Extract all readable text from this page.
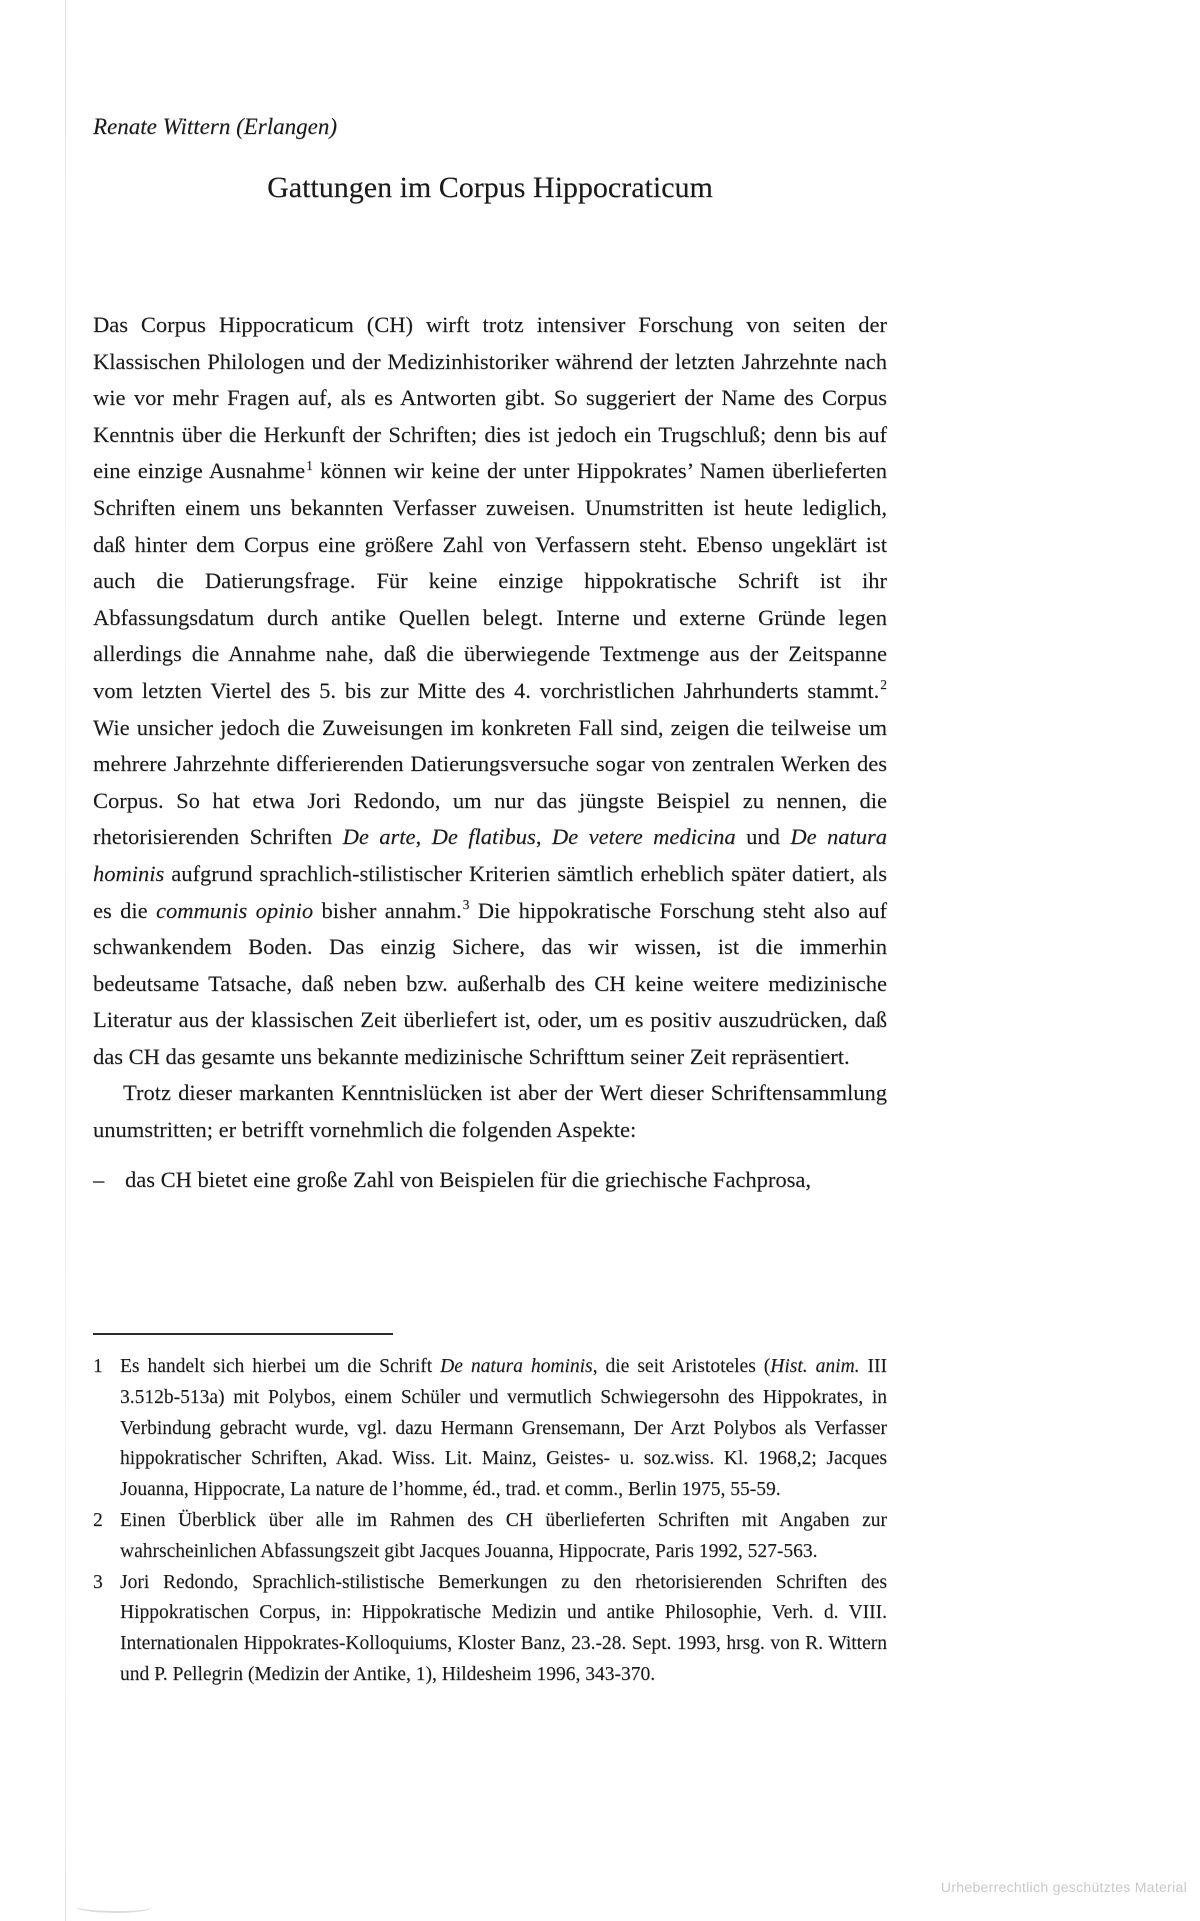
Renate Wittern (Erlangen)

Gattungen im Corpus Hippocraticum

Das Corpus Hippocraticum (CH) wirft trotz intensiver Forschung von seiten der Klassischen Philologen und der Medizinhistoriker während der letzten Jahrzehnte nach wie vor mehr Fragen auf, als es Antworten gibt. So suggeriert der Name des Corpus Kenntnis über die Herkunft der Schriften; dies ist jedoch ein Trugschluß; denn bis auf eine einzige Ausnahme$^1$ können wir keine der unter Hippokrates’ Namen überlieferten Schriften einem uns bekannten Verfasser zuweisen. Unumstritten ist heute lediglich, daß hinter dem Corpus eine größere Zahl von Verfassern steht. Ebenso ungeklärt ist auch die Datierungsfrage. Für keine einzige hippokratische Schrift ist ihr Abfassungsdatum durch antike Quellen belegt. Interne und externe Gründe legen allerdings die Annahme nahe, daß die überwiegende Textmenge aus der Zeitspanne vom letzten Viertel des 5. bis zur Mitte des 4. vorchristlichen Jahrhunderts stammt.$^2$ Wie unsicher jedoch die Zuweisungen im konkreten Fall sind, zeigen die teilweise um mehrere Jahrzehnte differierenden Datierungsversuche sogar von zentralen Werken des Corpus. So hat etwa Jori Redondo, um nur das jüngste Beispiel zu nennen, die rhetorisierenden Schriften De arte, De flatibus, De vetere medicina und De natura hominis aufgrund sprachlich-stilistischer Kriterien sämtlich erheblich später datiert, als es die communis opinio bisher annahm.$^3$ Die hippokratische Forschung steht also auf schwankendem Boden. Das einzig Sichere, das wir wissen, ist die immerhin bedeutsame Tatsache, daß neben bzw. außerhalb des CH keine weitere medizinische Literatur aus der klassischen Zeit überliefert ist, oder, um es positiv auszudrücken, daß das CH das gesamte uns bekannte medizinische Schrifttum seiner Zeit repräsentiert.

Trotz dieser markanten Kenntnislücken ist aber der Wert dieser Schriftensammlung unumstritten; er betrifft vornehmlich die folgenden Aspekte:

– das CH bietet eine große Zahl von Beispielen für die griechische Fachprosa,
1 Es handelt sich hierbei um die Schrift De natura hominis, die seit Aristoteles (Hist. anim. III 3.512b-513a) mit Polybos, einem Schüler und vermutlich Schwiegersohn des Hippokrates, in Verbindung gebracht wurde, vgl. dazu Hermann Grensemann, Der Arzt Polybos als Verfasser hippokratischer Schriften, Akad. Wiss. Lit. Mainz, Geistes- u. soz.wiss. Kl. 1968,2; Jacques Jouanna, Hippocrate, La nature de l’homme, éd., trad. et comm., Berlin 1975, 55-59.
2 Einen Überblick über alle im Rahmen des CH überlieferten Schriften mit Angaben zur wahrscheinlichen Abfassungszeit gibt Jacques Jouanna, Hippocrate, Paris 1992, 527-563.
3 Jori Redondo, Sprachlich-stilistische Bemerkungen zu den rhetorisierenden Schriften des Hippokratischen Corpus, in: Hippokratische Medizin und antike Philosophie, Verh. d. VIII. Internationalen Hippokrates-Kolloquiums, Kloster Banz, 23.-28. Sept. 1993, hrsg. von R. Wittern und P. Pellegrin (Medizin der Antike, 1), Hildesheim 1996, 343-370.
Urheberrechtlich geschütztes Material
